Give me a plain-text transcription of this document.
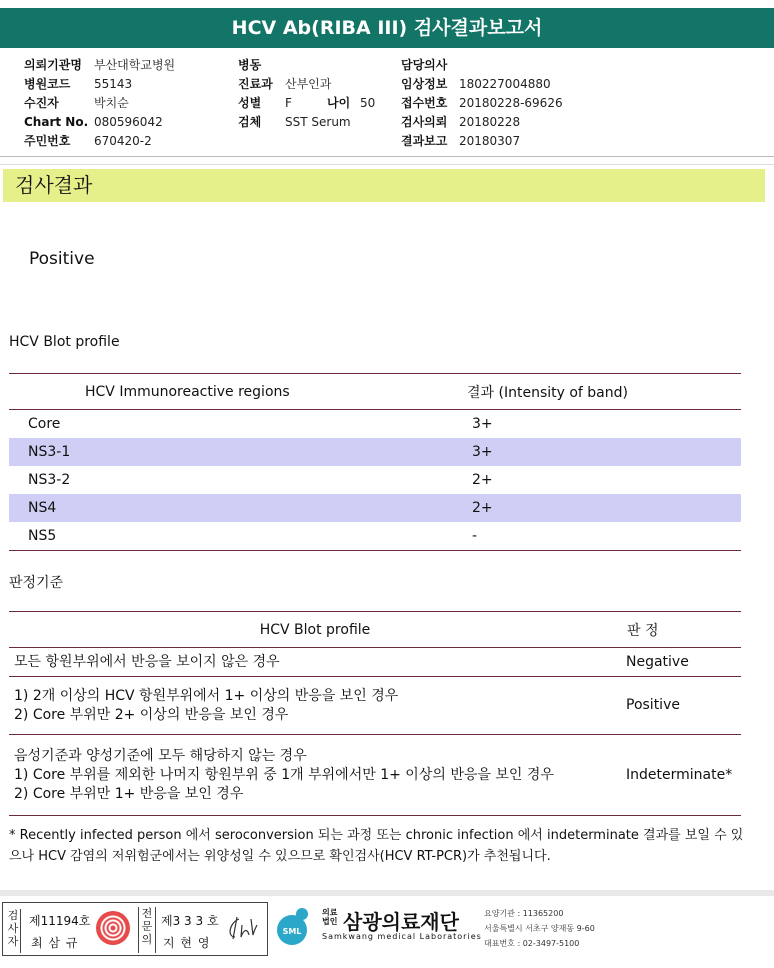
HCV Ab(RIBA III) 검사결과보고서
의뢰기관명	부산대학교병원
병원코드	55143
수진자	박치순
Chart No. 080596042
주민번호	670420-2
병동
진료과	산부인과
성별	F	나이 50
검체	SST Serum
담당의사
임상정보 180227004880
접수번호 20180228-69626
검사의뢰 20180228
결과보고 20180307
검사결과
Positive
HCV Blot profile
HCV Immunoreactive regions	결과 (Intensity of band)
Core	3+
NS3-1	3+
NS3-2	2+
NS4	2+
NS5	-
판정기준
HCV Blot profile	판 정

모든 항원부위에서 반응을 보이지 않은 경우	Negative

1) 2개 이상의 HCV 항원부위에서 1+ 이상의 반응을 보인 경우
2) Core 부위만 2+ 이상의 반응을 보인 경우	Positive

음성기준과 양성기준에 모두 해당하지 않는 경우
1) Core 부위를 제외한 나머지 항원부위 중 1개 부위에서만 1+ 이상의 반응을 보인 경우
2) Core 부위만 1+ 반응을 보인 경우	Indeterminate*
* Recently infected person 에서 seroconversion 되는 과정 또는 chronic infection 에서 indeterminate 결과를 보일 수 있으나 HCV 감염의 저위험군에서는 위양성일 수 있으므로 확인검사(HCV RT-PCR)가 추천됩니다.
검사자
제11194호
최 삼 규
전문의
제3 3 3 호
지 현 영
SML
의료
법인 삼광의료재단
Samkwang medical Laboratories
요양기관 : 11365200
서울특별시 서초구 양재동 9-60
대표번호 : 02-3497-5100
